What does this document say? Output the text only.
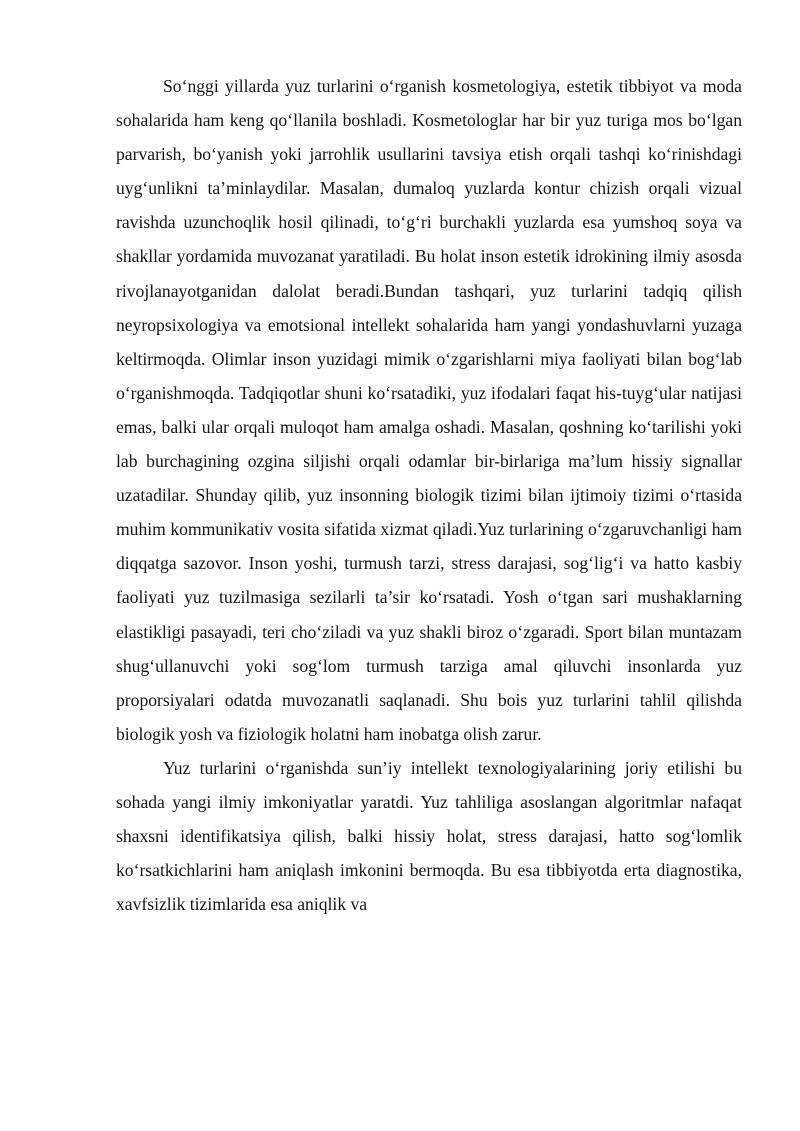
So‘nggi yillarda yuz turlarini o‘rganish kosmetologiya, estetik tibbiyot va moda sohalarida ham keng qo‘llanila boshladi. Kosmetologlar har bir yuz turiga mos bo‘lgan parvarish, bo‘yanish yoki jarrohlik usullarini tavsiya etish orqali tashqi ko‘rinishdagi uyg‘unlikni ta’minlaydilar. Masalan, dumaloq yuzlarda kontur chizish orqali vizual ravishda uzunchoqlik hosil qilinadi, to‘g‘ri burchakli yuzlarda esa yumshoq soya va shakllar yordamida muvozanat yaratiladi. Bu holat inson estetik idrokining ilmiy asosda rivojlanayotganidan dalolat beradi.Bundan tashqari, yuz turlarini tadqiq qilish neyropsixologiya va emotsional intellekt sohalarida ham yangi yondashuvlarni yuzaga keltirmoqda. Olimlar inson yuzidagi mimik o‘zgarishlarni miya faoliyati bilan bog‘lab o‘rganishmoqda. Tadqiqotlar shuni ko‘rsatadiki, yuz ifodalari faqat his-tuyg‘ular natijasi emas, balki ular orqali muloqot ham amalga oshadi. Masalan, qoshning ko‘tarilishi yoki lab burchagining ozgina siljishi orqali odamlar bir-birlariga ma’lum hissiy signallar uzatadilar. Shunday qilib, yuz insonning biologik tizimi bilan ijtimoiy tizimi o‘rtasida muhim kommunikativ vosita sifatida xizmat qiladi.Yuz turlarining o‘zgaruvchanligi ham diqqatga sazovor. Inson yoshi, turmush tarzi, stress darajasi, sog‘lig‘i va hatto kasbiy faoliyati yuz tuzilmasiga sezilarli ta’sir ko‘rsatadi. Yosh o‘tgan sari mushaklarning elastikligi pasayadi, teri cho‘ziladi va yuz shakli biroz o‘zgaradi. Sport bilan muntazam shug‘ullanuvchi yoki sog‘lom turmush tarziga amal qiluvchi insonlarda yuz proporsiyalari odatda muvozanatli saqlanadi. Shu bois yuz turlarini tahlil qilishda biologik yosh va fiziologik holatni ham inobatga olish zarur.

Yuz turlarini o‘rganishda sun’iy intellekt texnologiyalarining joriy etilishi bu sohada yangi ilmiy imkoniyatlar yaratdi. Yuz tahliliga asoslangan algoritmlar nafaqat shaxsni identifikatsiya qilish, balki hissiy holat, stress darajasi, hatto sog‘lomlik ko‘rsatkichlarini ham aniqlash imkonini bermoqda. Bu esa tibbiyotda erta diagnostika, xavfsizlik tizimlarida esa aniqlik va
